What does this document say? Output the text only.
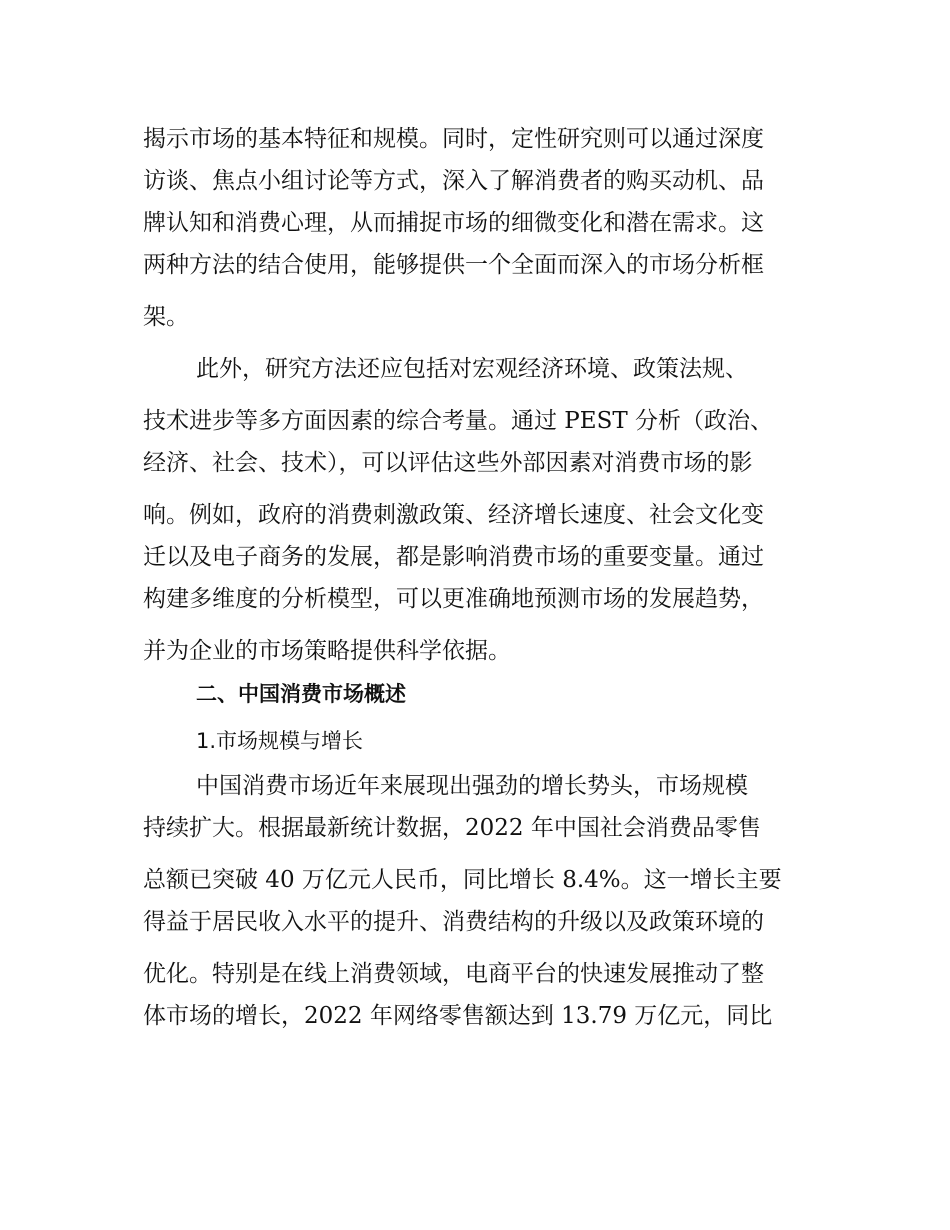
揭示市场的基本特征和规模。同时，定性研究则可以通过深度

访谈、焦点小组讨论等方式，深入了解消费者的购买动机、品

牌认知和消费心理，从而捕捉市场的细微变化和潜在需求。这

两种方法的结合使用，能够提供一个全面而深入的市场分析框

架。

此外，研究方法还应包括对宏观经济环境、政策法规、

技术进步等多方面因素的综合考量。通过 PEST 分析（政治、

经济、社会、技术），可以评估这些外部因素对消费市场的影

响。例如，政府的消费刺激政策、经济增长速度、社会文化变

迁以及电子商务的发展，都是影响消费市场的重要变量。通过

构建多维度的分析模型，可以更准确地预测市场的发展趋势，

并为企业的市场策略提供科学依据。

二、中国消费市场概述

1.市场规模与增长

中国消费市场近年来展现出强劲的增长势头，市场规模

持续扩大。根据最新统计数据，2022 年中国社会消费品零售

总额已突破 40 万亿元人民币，同比增长 8.4%。这一增长主要

得益于居民收入水平的提升、消费结构的升级以及政策环境的

优化。特别是在线上消费领域，电商平台的快速发展推动了整

体市场的增长，2022 年网络零售额达到 13.79 万亿元，同比
